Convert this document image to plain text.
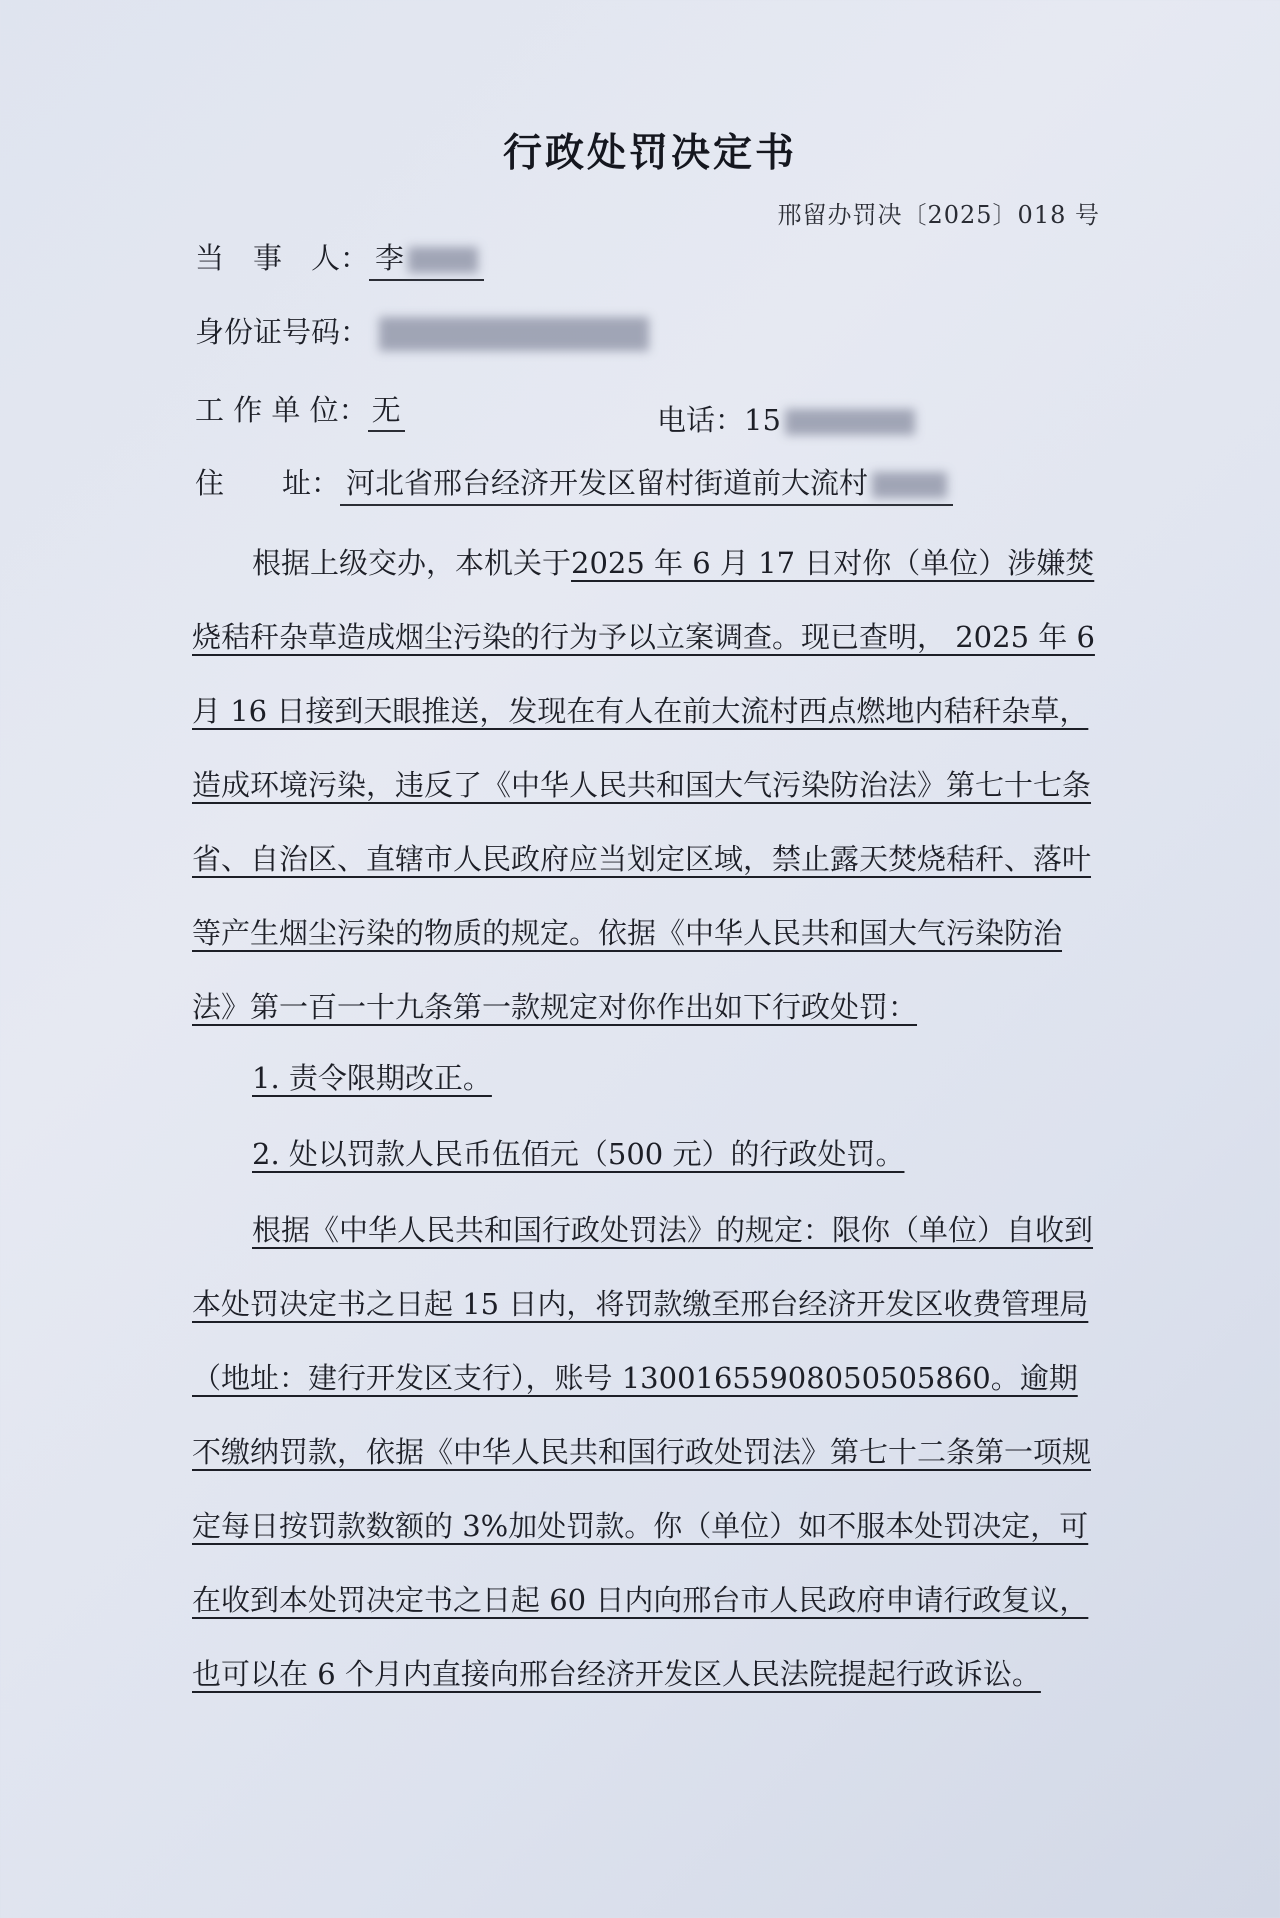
行政处罚决定书
邢留办罚决〔2025〕018 号
当　事　人： 李
身份证号码：
工 作 单 位： 无	电话：15
住　　址： 河北省邢台经济开发区留村街道前大流村
根据上级交办，本机关于2025 年 6 月 17 日对你（单位）涉嫌焚烧秸秆杂草造成烟尘污染的行为予以立案调查。现已查明， 2025 年 6 月 16 日接到天眼推送，发现在有人在前大流村西点燃地内秸秆杂草，造成环境污染，违反了《中华人民共和国大气污染防治法》第七十七条省、自治区、直辖市人民政府应当划定区域，禁止露天焚烧秸秆、落叶等产生烟尘污染的物质的规定。依据《中华人民共和国大气污染防治法》第一百一十九条第一款规定对你作出如下行政处罚：
1. 责令限期改正。
2. 处以罚款人民币伍佰元（500 元）的行政处罚。
根据《中华人民共和国行政处罚法》的规定：限你（单位）自收到本处罚决定书之日起 15 日内，将罚款缴至邢台经济开发区收费管理局（地址：建行开发区支行），账号 13001655908050505860。逾期不缴纳罚款，依据《中华人民共和国行政处罚法》第七十二条第一项规定每日按罚款数额的 3%加处罚款。你（单位）如不服本处罚决定，可在收到本处罚决定书之日起 60 日内向邢台市人民政府申请行政复议，也可以在 6 个月内直接向邢台经济开发区人民法院提起行政诉讼。
